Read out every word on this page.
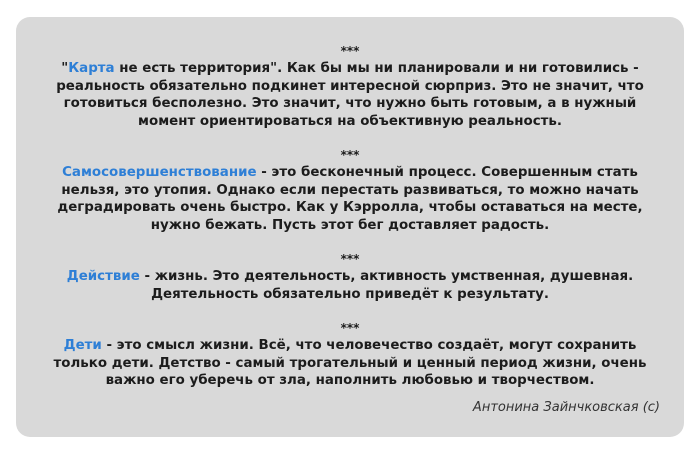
***
"Карта не есть территория". Как бы мы ни планировали и ни готовились - реальность обязательно подкинет интересной сюрприз. Это не значит, что готовиться бесполезно. Это значит, что нужно быть готовым, а в нужный момент ориентироваться на объективную реальность.
***
Самосовершенствование - это бесконечный процесс. Совершенным стать нельзя, это утопия. Однако если перестать развиваться, то можно начать деградировать очень быстро. Как у Кэрролла, чтобы оставаться на месте, нужно бежать. Пусть этот бег доставляет радость.
***
Действие - жизнь. Это деятельность, активность умственная, душевная. Деятельность обязательно приведёт к результату.
***
Дети - это смысл жизни. Всё, что человечество создаёт, могут сохранить только дети. Детство - самый трогательный и ценный период жизни, очень важно его уберечь от зла, наполнить любовью и творчеством.
Антонина Зайнчковская (с)
